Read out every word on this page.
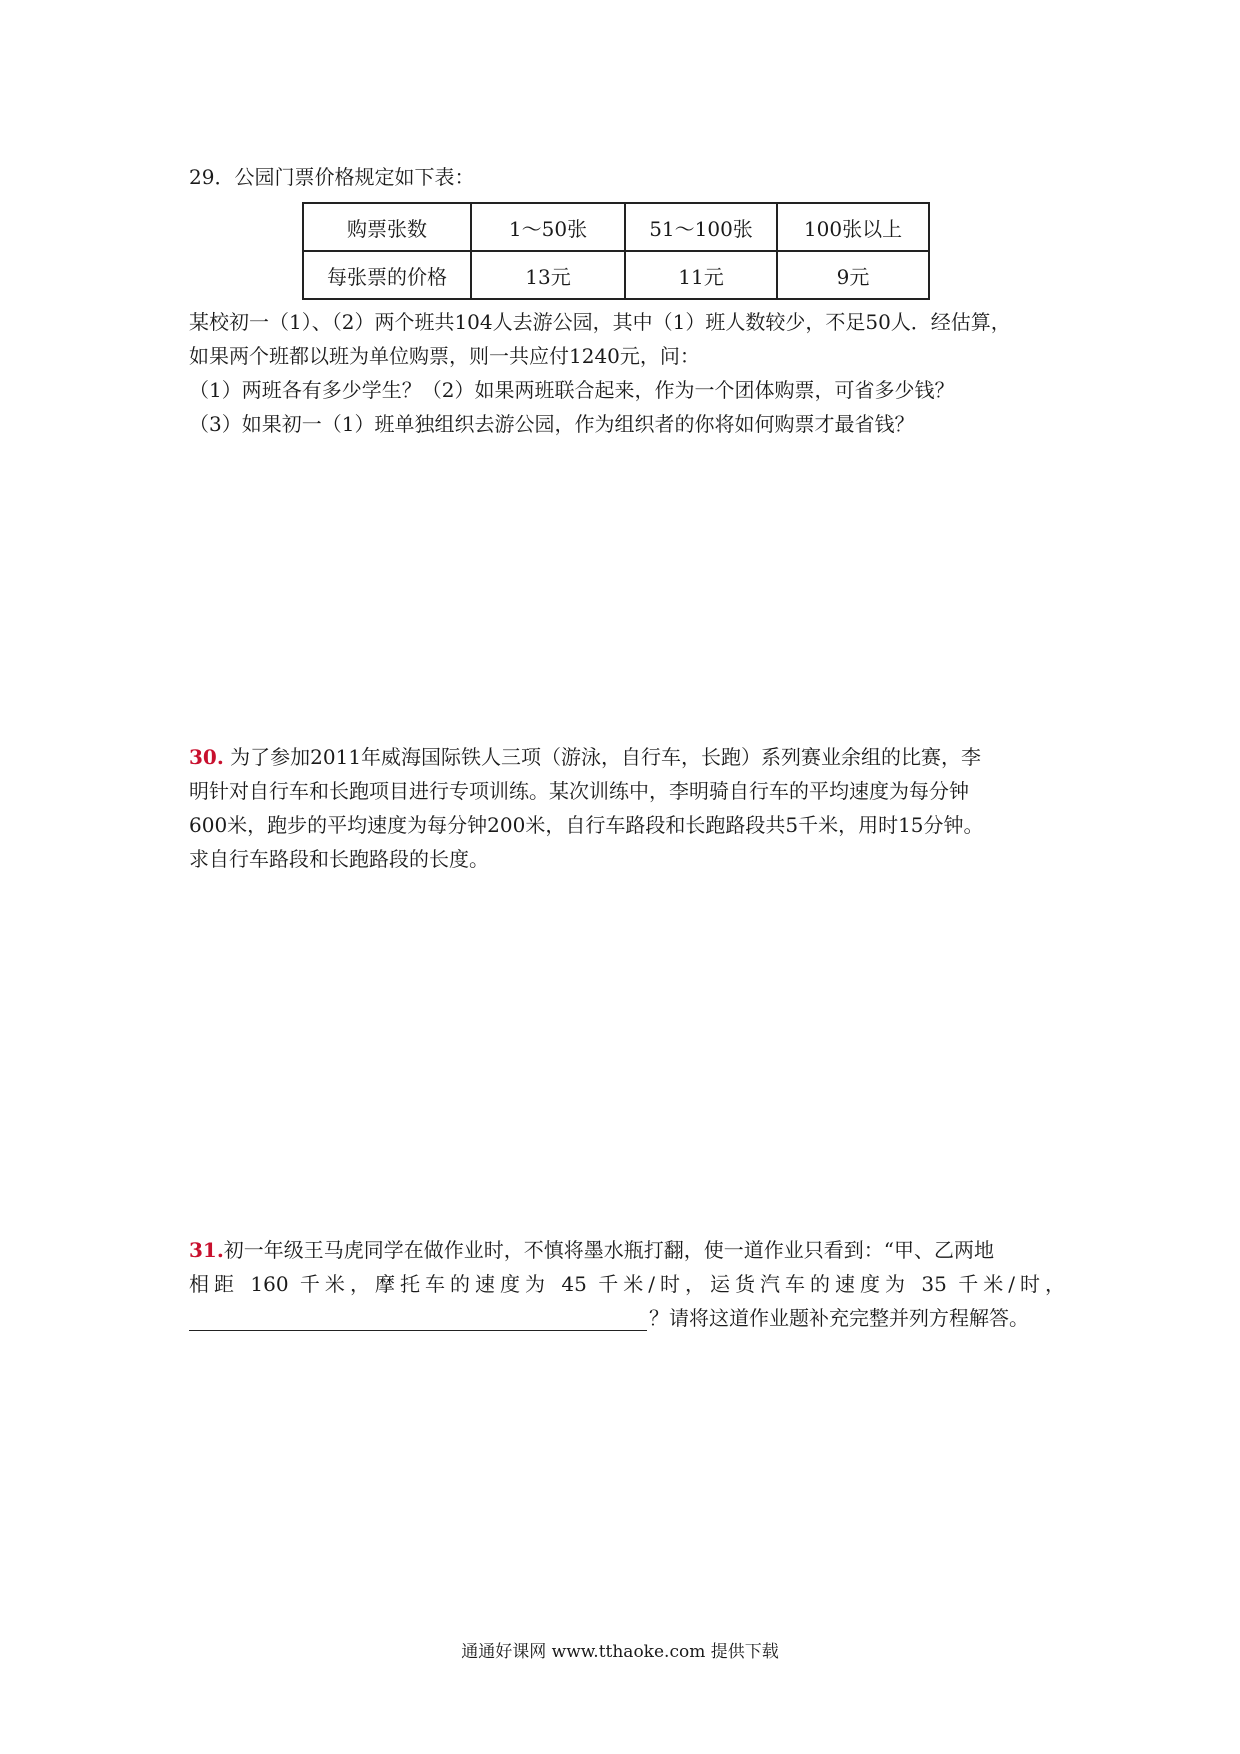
29．公园门票价格规定如下表：
购票张数	1～50张	51～100张	100张以上
每张票的价格	13元	11元	9元
某校初一（1）、（2）两个班共104人去游公园，其中（1）班人数较少，不足50人．经估算，
如果两个班都以班为单位购票，则一共应付1240元，问：
（1）两班各有多少学生？（2）如果两班联合起来，作为一个团体购票，可省多少钱？
（3）如果初一（1）班单独组织去游公园，作为组织者的你将如何购票才最省钱？
30. 为了参加2011年威海国际铁人三项（游泳，自行车，长跑）系列赛业余组的比赛，李
明针对自行车和长跑项目进行专项训练。某次训练中，李明骑自行车的平均速度为每分钟
600米，跑步的平均速度为每分钟200米，自行车路段和长跑路段共5千米，用时15分钟。
求自行车路段和长跑路段的长度。
31.初一年级王马虎同学在做作业时，不慎将墨水瓶打翻，使一道作业只看到：“甲、乙两地
相距 160 千米，摩托车的速度为 45 千米/时，运货汽车的速度为 35 千米/时，
？请将这道作业题补充完整并列方程解答。
通通好课网 www.tthaoke.com 提供下载
